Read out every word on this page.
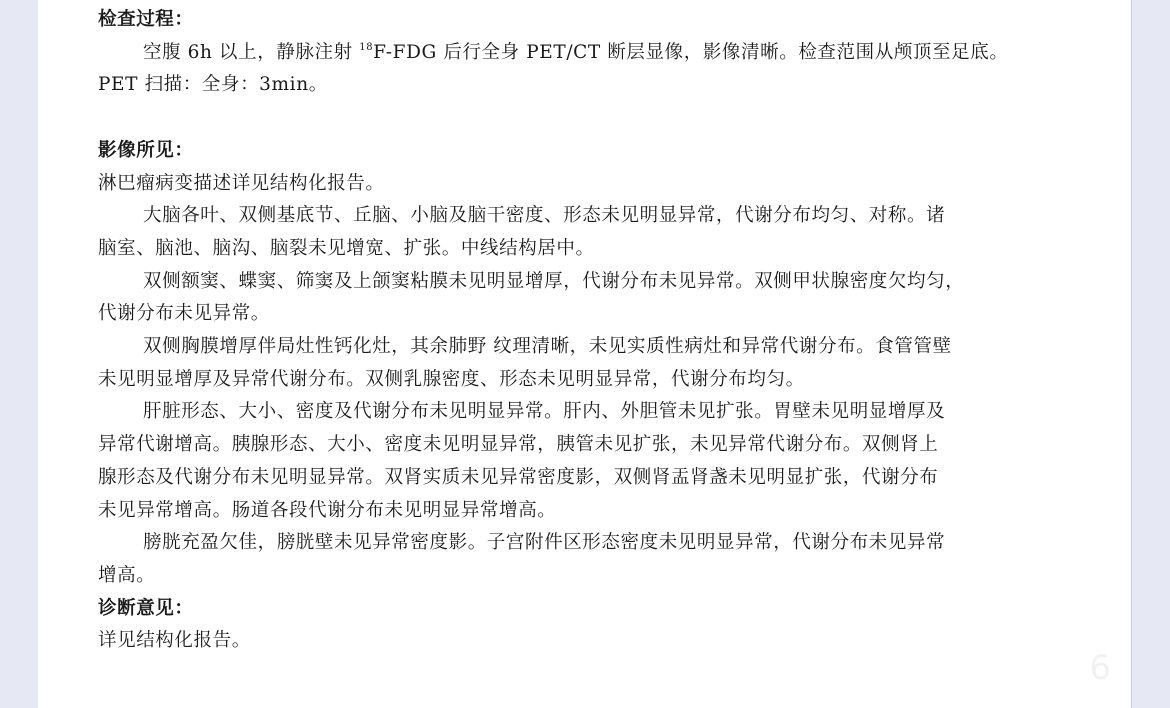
检查过程：
空腹 6h 以上，静脉注射 $^{18}$F-FDG 后行全身 PET/CT 断层显像，影像清晰。检查范围从颅顶至足底。
PET 扫描：全身：3min。
影像所见：
淋巴瘤病变描述详见结构化报告。
大脑各叶、双侧基底节、丘脑、小脑及脑干密度、形态未见明显异常，代谢分布均匀、对称。诸
脑室、脑池、脑沟、脑裂未见增宽、扩张。中线结构居中。
双侧额窦、蝶窦、筛窦及上颌窦粘膜未见明显增厚，代谢分布未见异常。双侧甲状腺密度欠均匀，
代谢分布未见异常。
双侧胸膜增厚伴局灶性钙化灶，其余肺野 纹理清晰，未见实质性病灶和异常代谢分布。食管管壁
未见明显增厚及异常代谢分布。双侧乳腺密度、形态未见明显异常，代谢分布均匀。
肝脏形态、大小、密度及代谢分布未见明显异常。肝内、外胆管未见扩张。胃壁未见明显增厚及
异常代谢增高。胰腺形态、大小、密度未见明显异常，胰管未见扩张，未见异常代谢分布。双侧肾上
腺形态及代谢分布未见明显异常。双肾实质未见异常密度影，双侧肾盂肾盏未见明显扩张，代谢分布
未见异常增高。肠道各段代谢分布未见明显异常增高。
膀胱充盈欠佳，膀胱壁未见异常密度影。子宫附件区形态密度未见明显异常，代谢分布未见异常
增高。
诊断意见：
详见结构化报告。
6
